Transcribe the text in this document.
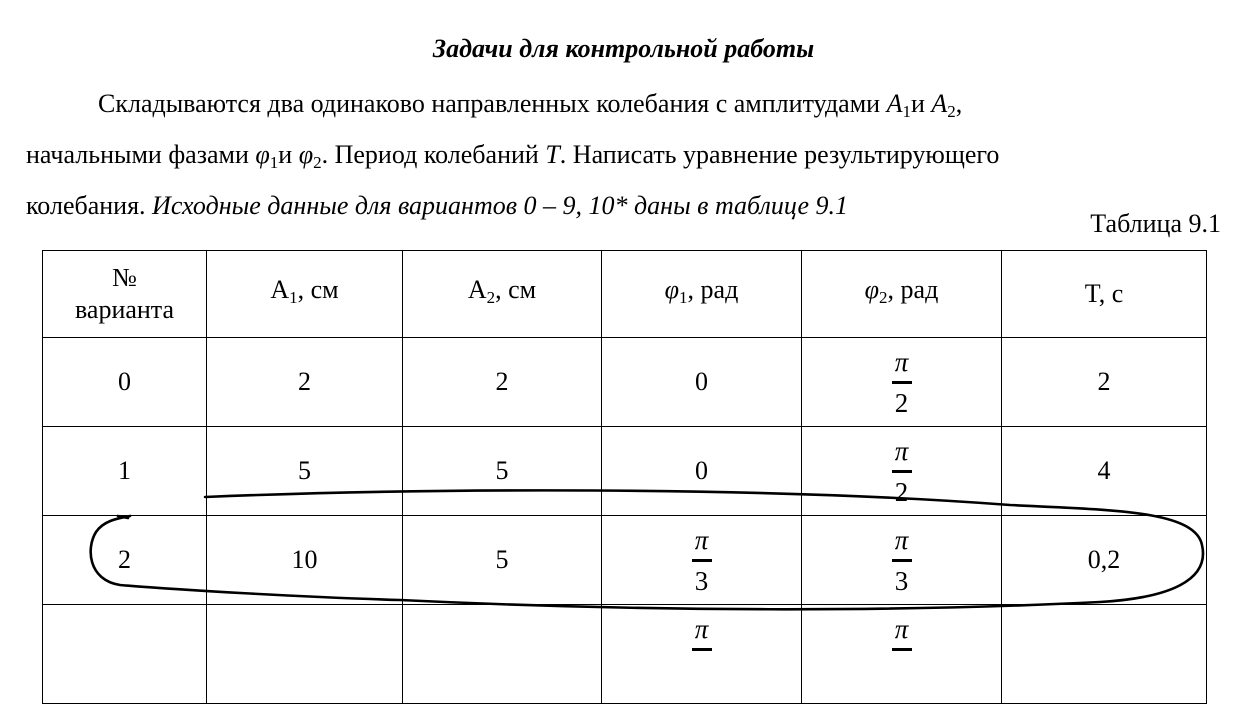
Задачи для контрольной работы
Складываются два одинаково направленных колебания с амплитудами $A_1и$ $A_2$,
начальными фазами $\varphi_1и$ $\varphi_2$. Период колебаний T. Написать уравнение результирующего
колебания. Исходные данные для вариантов 0 – 9, 10* даны в таблице 9.1
Таблица 9.1
№
варианта	$A_1$, см	$A_2$, см	$\varphi_1$, рад	$\varphi_2$, рад	T, с
0	2	2	0	$\frac{\pi}{2}$	2
1	5	5	0	$\frac{\pi}{2}$	4
2	10	5	$\frac{\pi}{3}$	$\frac{\pi}{3}$	0,2

			π	π	
